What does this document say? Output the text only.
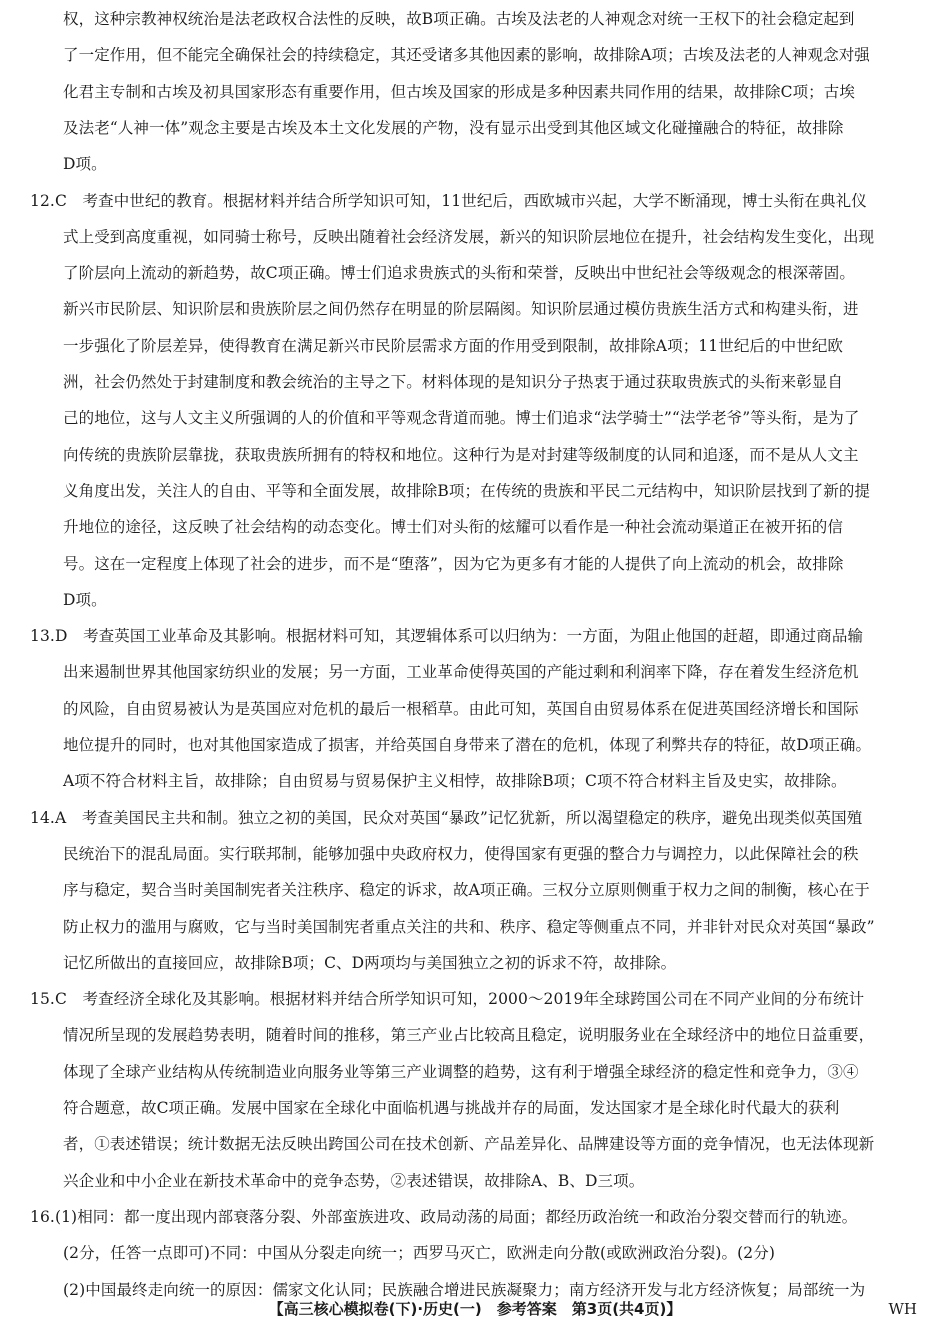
权，这种宗教神权统治是法老政权合法性的反映，故B项正确。古埃及法老的人神观念对统一王权下的社会稳定起到
了一定作用，但不能完全确保社会的持续稳定，其还受诸多其他因素的影响，故排除A项；古埃及法老的人神观念对强
化君主专制和古埃及初具国家形态有重要作用，但古埃及国家的形成是多种因素共同作用的结果，故排除C项；古埃
及法老“人神一体”观念主要是古埃及本土文化发展的产物，没有显示出受到其他区域文化碰撞融合的特征，故排除
D项。
12.C　考查中世纪的教育。根据材料并结合所学知识可知，11世纪后，西欧城市兴起，大学不断涌现，博士头衔在典礼仪
式上受到高度重视，如同骑士称号，反映出随着社会经济发展，新兴的知识阶层地位在提升，社会结构发生变化，出现
了阶层向上流动的新趋势，故C项正确。博士们追求贵族式的头衔和荣誉，反映出中世纪社会等级观念的根深蒂固。
新兴市民阶层、知识阶层和贵族阶层之间仍然存在明显的阶层隔阂。知识阶层通过模仿贵族生活方式和构建头衔，进
一步强化了阶层差异，使得教育在满足新兴市民阶层需求方面的作用受到限制，故排除A项；11世纪后的中世纪欧
洲，社会仍然处于封建制度和教会统治的主导之下。材料体现的是知识分子热衷于通过获取贵族式的头衔来彰显自
己的地位，这与人文主义所强调的人的价值和平等观念背道而驰。博士们追求“法学骑士”“法学老爷”等头衔，是为了
向传统的贵族阶层靠拢，获取贵族所拥有的特权和地位。这种行为是对封建等级制度的认同和追逐，而不是从人文主
义角度出发，关注人的自由、平等和全面发展，故排除B项；在传统的贵族和平民二元结构中，知识阶层找到了新的提
升地位的途径，这反映了社会结构的动态变化。博士们对头衔的炫耀可以看作是一种社会流动渠道正在被开拓的信
号。这在一定程度上体现了社会的进步，而不是“堕落”，因为它为更多有才能的人提供了向上流动的机会，故排除
D项。
13.D　考查英国工业革命及其影响。根据材料可知，其逻辑体系可以归纳为：一方面，为阻止他国的赶超，即通过商品输
出来遏制世界其他国家纺织业的发展；另一方面，工业革命使得英国的产能过剩和利润率下降，存在着发生经济危机
的风险，自由贸易被认为是英国应对危机的最后一根稻草。由此可知，英国自由贸易体系在促进英国经济增长和国际
地位提升的同时，也对其他国家造成了损害，并给英国自身带来了潜在的危机，体现了利弊共存的特征，故D项正确。
A项不符合材料主旨，故排除；自由贸易与贸易保护主义相悖，故排除B项；C项不符合材料主旨及史实，故排除。
14.A　考查美国民主共和制。独立之初的美国，民众对英国“暴政”记忆犹新，所以渴望稳定的秩序，避免出现类似英国殖
民统治下的混乱局面。实行联邦制，能够加强中央政府权力，使得国家有更强的整合力与调控力，以此保障社会的秩
序与稳定，契合当时美国制宪者关注秩序、稳定的诉求，故A项正确。三权分立原则侧重于权力之间的制衡，核心在于
防止权力的滥用与腐败，它与当时美国制宪者重点关注的共和、秩序、稳定等侧重点不同，并非针对民众对英国“暴政”
记忆所做出的直接回应，故排除B项；C、D两项均与美国独立之初的诉求不符，故排除。
15.C　考查经济全球化及其影响。根据材料并结合所学知识可知，2000～2019年全球跨国公司在不同产业间的分布统计
情况所呈现的发展趋势表明，随着时间的推移，第三产业占比较高且稳定，说明服务业在全球经济中的地位日益重要，
体现了全球产业结构从传统制造业向服务业等第三产业调整的趋势，这有利于增强全球经济的稳定性和竞争力，③④
符合题意，故C项正确。发展中国家在全球化中面临机遇与挑战并存的局面，发达国家才是全球化时代最大的获利
者，①表述错误；统计数据无法反映出跨国公司在技术创新、产品差异化、品牌建设等方面的竞争情况，也无法体现新
兴企业和中小企业在新技术革命中的竞争态势，②表述错误，故排除A、B、D三项。
16.(1)相同：都一度出现内部衰落分裂、外部蛮族进攻、政局动荡的局面；都经历政治统一和政治分裂交替而行的轨迹。
(2分，任答一点即可)不同：中国从分裂走向统一；西罗马灭亡，欧洲走向分散(或欧洲政治分裂)。(2分)
(2)中国最终走向统一的原因：儒家文化认同；民族融合增进民族凝聚力；南方经济开发与北方经济恢复；局部统一为
【高三核心模拟卷(下)·历史(一)　参考答案　第3页(共4页)】	WH
